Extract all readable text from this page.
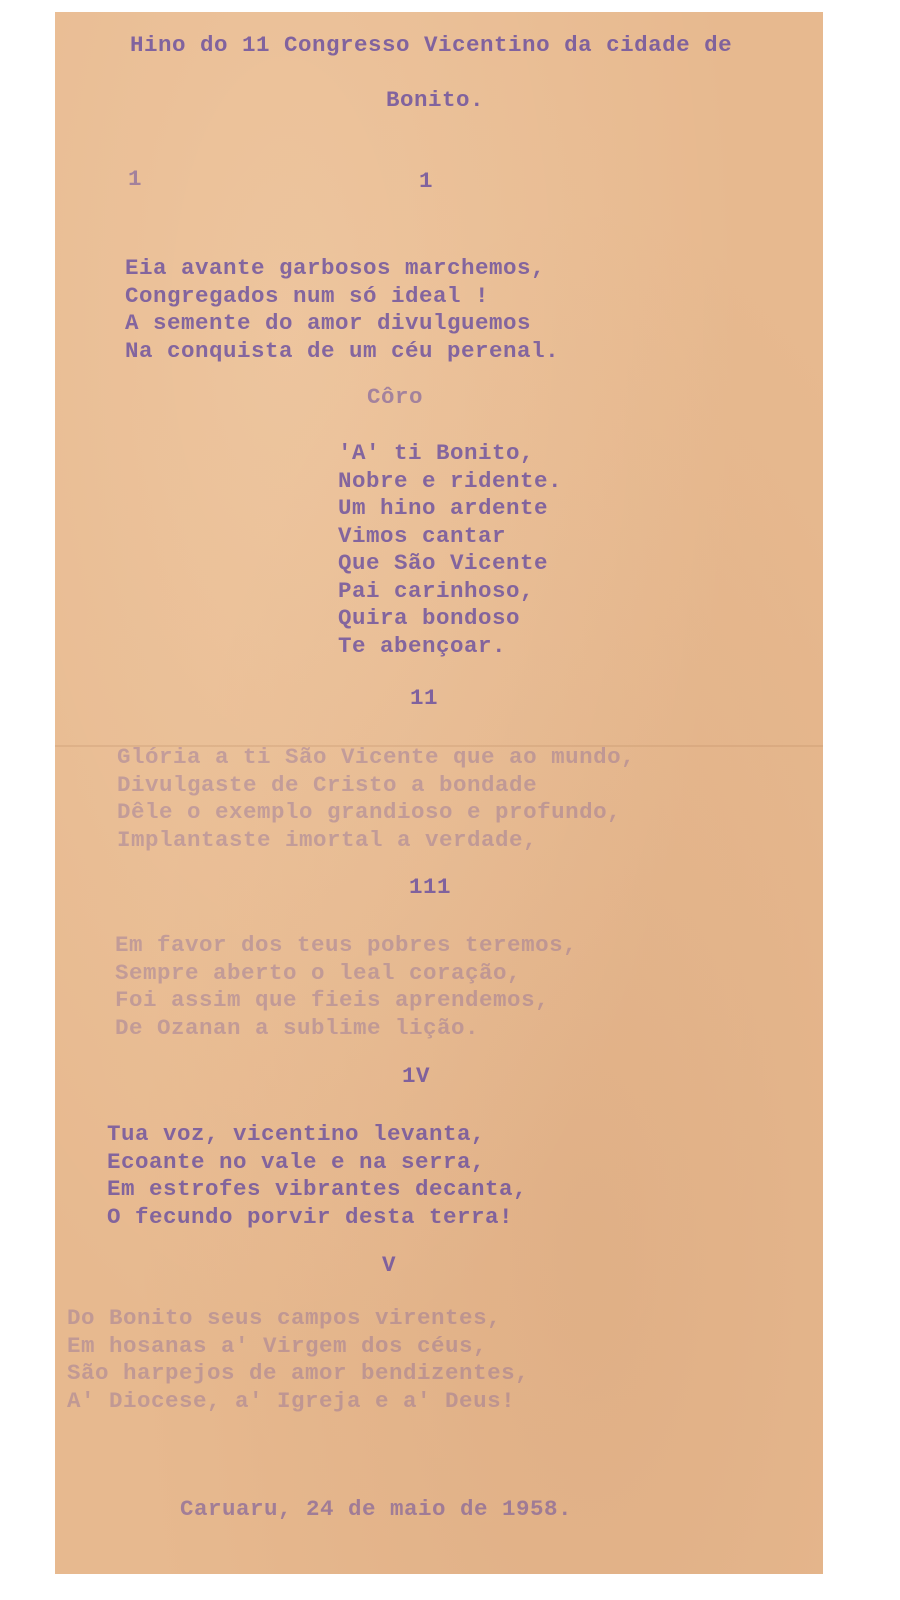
Hino do 11 Congresso Vicentino da cidade de
Bonito.
1	1
Eia avante garbosos marchemos,
Congregados num só ideal !
A semente do amor divulguemos
Na conquista de um céu perenal.
Côro
'A' ti Bonito,
Nobre e ridente.
Um hino ardente
Vimos cantar
Que São Vicente
Pai carinhoso,
Quira bondoso
Te abençoar.
11
Glória a ti São Vicente que ao mundo,
Divulgaste de Cristo a bondade
Dêle o exemplo grandioso e profundo,
Implantaste imortal a verdade,
111
Em favor dos teus pobres teremos,
Sempre aberto o leal coração,
Foi assim que fieis aprendemos,
De Ozanan a sublime lição.
1V
Tua voz, vicentino levanta,
Ecoante no vale e na serra,
Em estrofes vibrantes decanta,
O fecundo porvir desta terra!
V
Do Bonito seus campos virentes,
Em hosanas a' Virgem dos céus,
São harpejos de amor bendizentes,
A' Diocese, a' Igreja e a' Deus!
Caruaru, 24 de maio de 1958.
